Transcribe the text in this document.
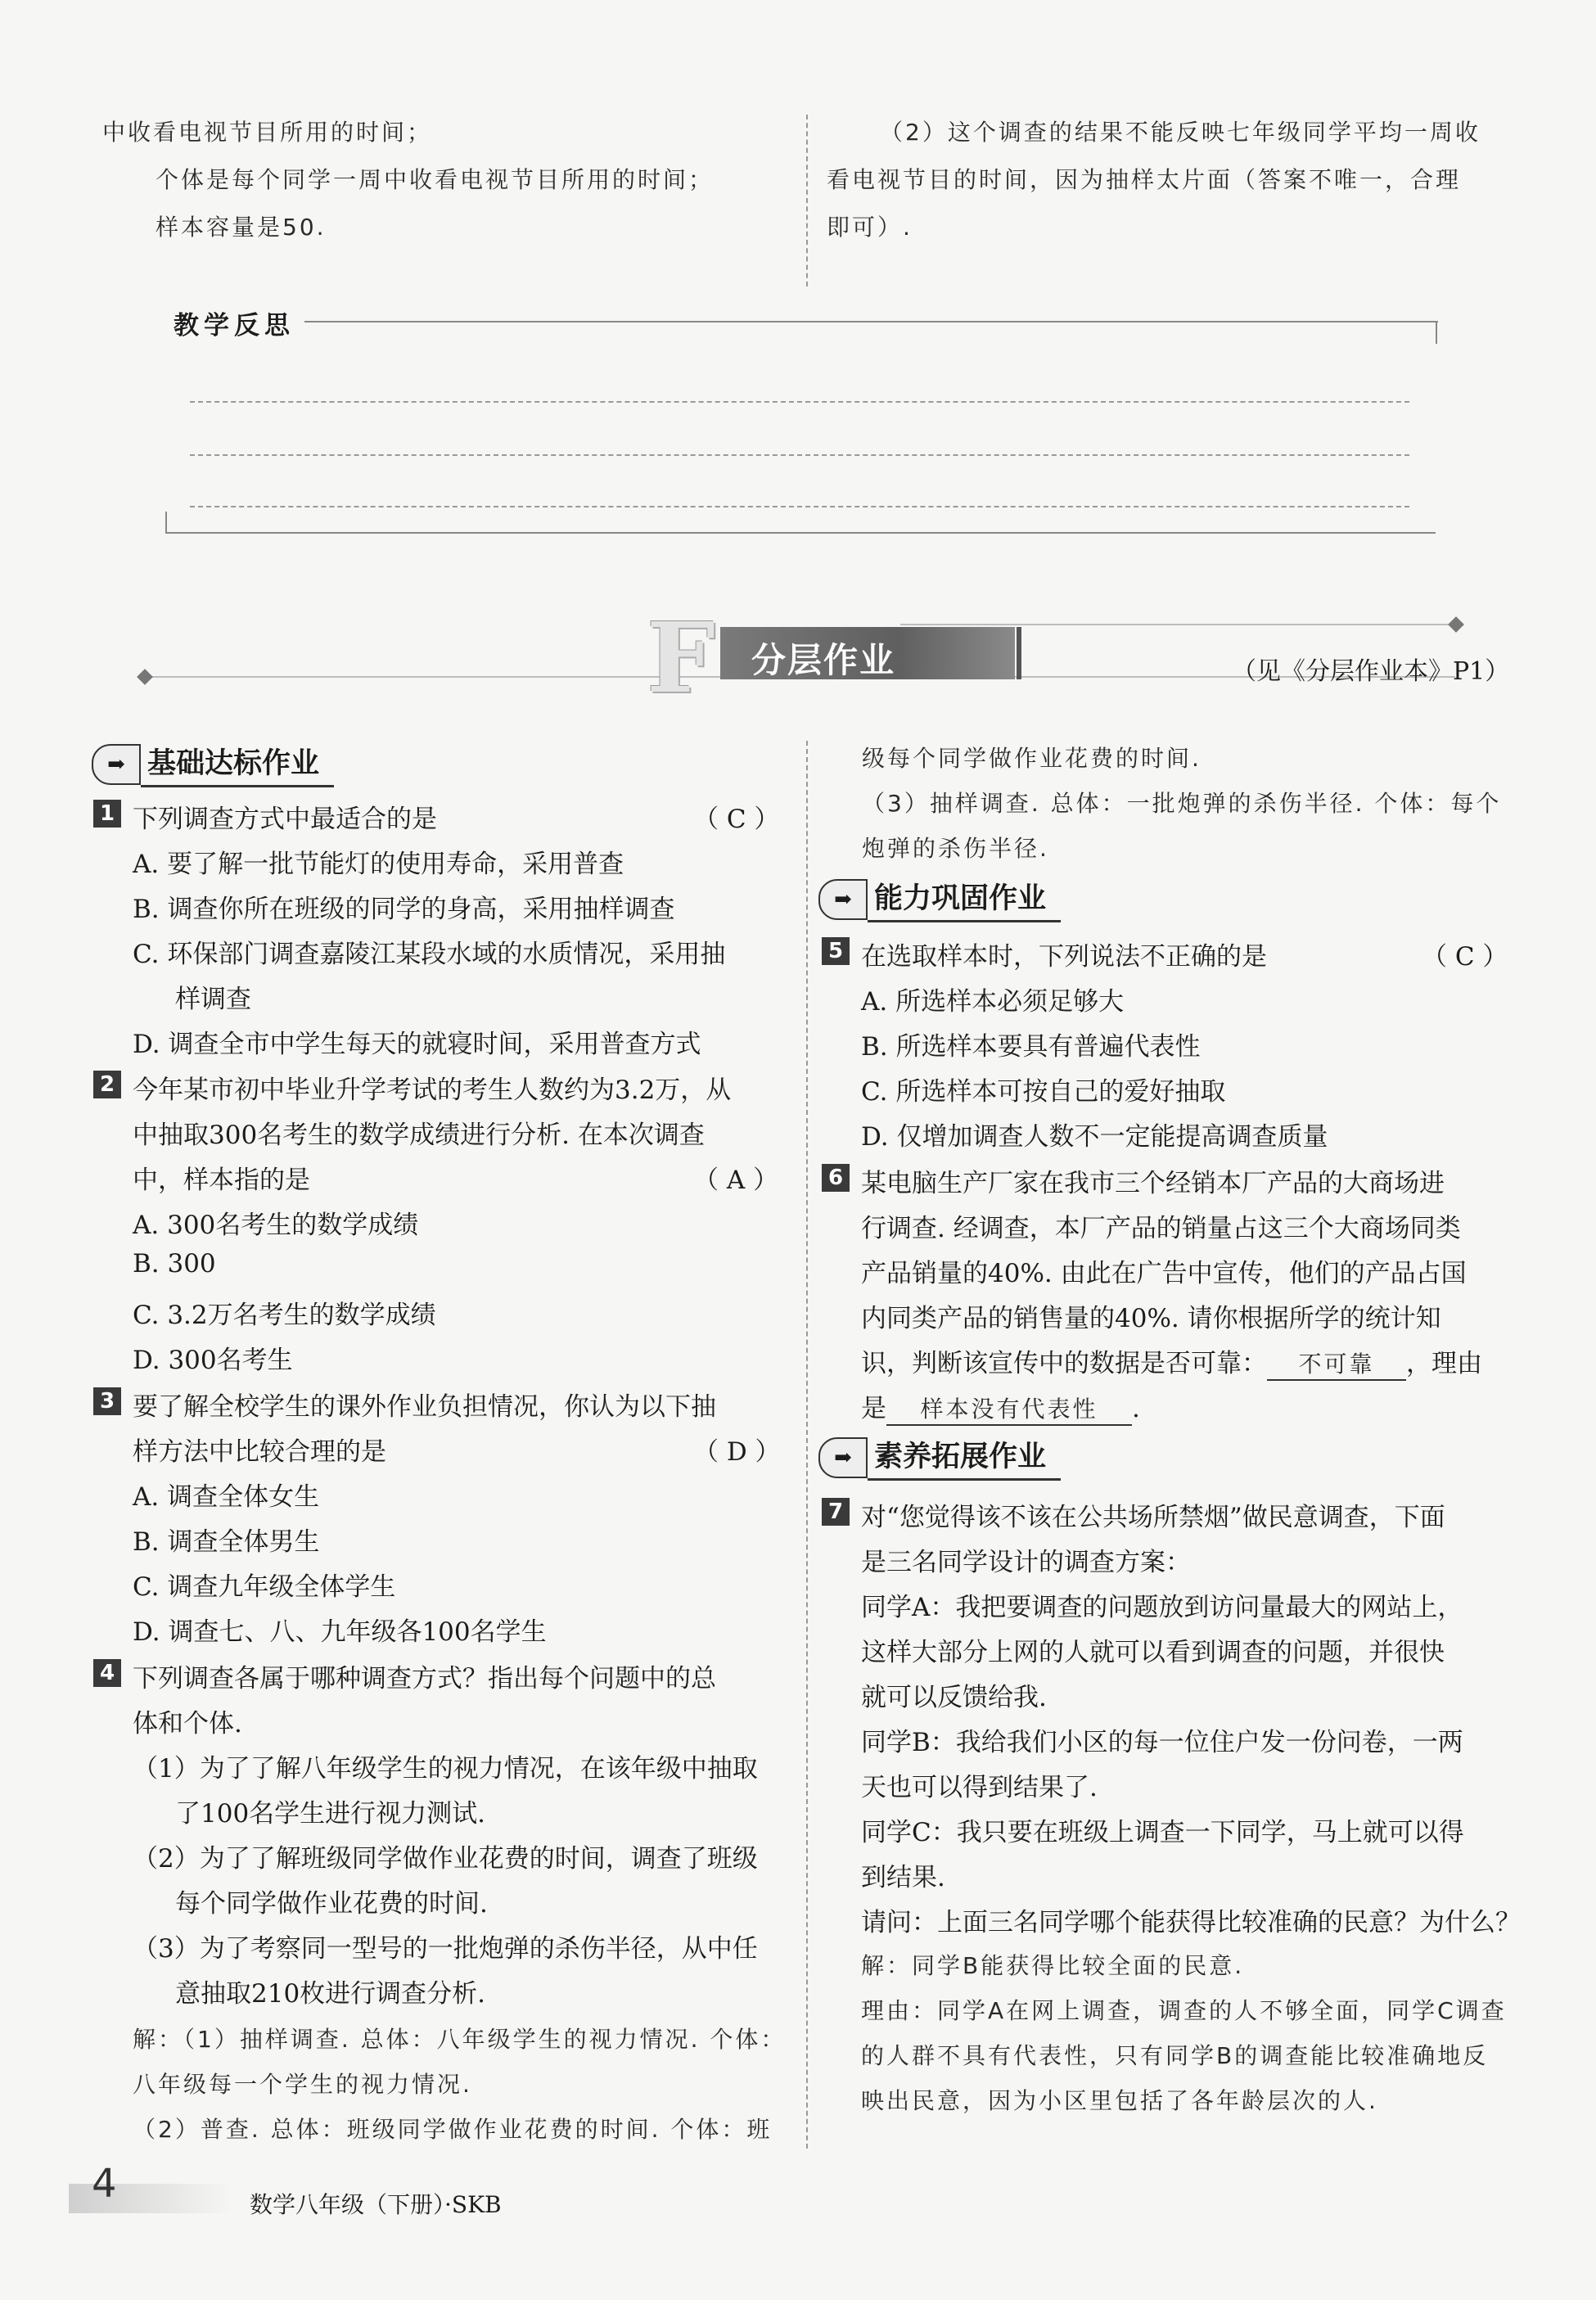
中收看电视节目所用的时间；
个体是每个同学一周中收看电视节目所用的时间；
样本容量是50.
（2）这个调查的结果不能反映七年级同学平均一周收
看电视节目的时间，因为抽样太片面（答案不唯一，合理
即可）.
教学反思
F 分层作业	（见《分层作业本》P1）
➡ 基础达标作业
1 下列调查方式中最适合的是	（ C ）
A. 要了解一批节能灯的使用寿命，采用普查
B. 调查你所在班级的同学的身高，采用抽样调查
C. 环保部门调查嘉陵江某段水域的水质情况，采用抽
样调查
D. 调查全市中学生每天的就寝时间，采用普查方式
2 今年某市初中毕业升学考试的考生人数约为3.2万，从
中抽取300名考生的数学成绩进行分析. 在本次调查
中，样本指的是	（ A ）
A. 300名考生的数学成绩
B. 300
C. 3.2万名考生的数学成绩
D. 300名考生
3 要了解全校学生的课外作业负担情况，你认为以下抽
样方法中比较合理的是	（ D ）
A. 调查全体女生
B. 调查全体男生
C. 调查九年级全体学生
D. 调查七、八、九年级各100名学生
4 下列调查各属于哪种调查方式？指出每个问题中的总
体和个体.
（1）为了了解八年级学生的视力情况，在该年级中抽取
了100名学生进行视力测试.
（2）为了了解班级同学做作业花费的时间，调查了班级
每个同学做作业花费的时间.
（3）为了考察同一型号的一批炮弹的杀伤半径，从中任
意抽取210枚进行调查分析.
解：（1）抽样调查. 总体：八年级学生的视力情况. 个体：
八年级每一个学生的视力情况.
（2）普查. 总体：班级同学做作业花费的时间. 个体：班
级每个同学做作业花费的时间.
（3）抽样调查. 总体：一批炮弹的杀伤半径. 个体：每个
炮弹的杀伤半径.
➡ 能力巩固作业
5 在选取样本时，下列说法不正确的是	（ C ）
A. 所选样本必须足够大
B. 所选样本要具有普遍代表性
C. 所选样本可按自己的爱好抽取
D. 仅增加调查人数不一定能提高调查质量
6 某电脑生产厂家在我市三个经销本厂产品的大商场进
行调查. 经调查，本厂产品的销量占这三个大商场同类
产品销量的40%. 由此在广告中宣传，他们的产品占国
内同类产品的销售量的40%. 请你根据所学的统计知
识，判断该宣传中的数据是否可靠： 不可靠 ，理由
是 样本没有代表性 .
➡ 素养拓展作业
7 对“您觉得该不该在公共场所禁烟”做民意调查，下面
是三名同学设计的调查方案：
同学A：我把要调查的问题放到访问量最大的网站上，
这样大部分上网的人就可以看到调查的问题，并很快
就可以反馈给我.
同学B：我给我们小区的每一位住户发一份问卷，一两
天也可以得到结果了.
同学C：我只要在班级上调查一下同学，马上就可以得
到结果.
请问：上面三名同学哪个能获得比较准确的民意？为什么？
解：同学B能获得比较全面的民意.
理由：同学A在网上调查，调查的人不够全面，同学C调查
的人群不具有代表性，只有同学B的调查能比较准确地反
映出民意，因为小区里包括了各年龄层次的人.
4	数学八年级（下册）·SKB
